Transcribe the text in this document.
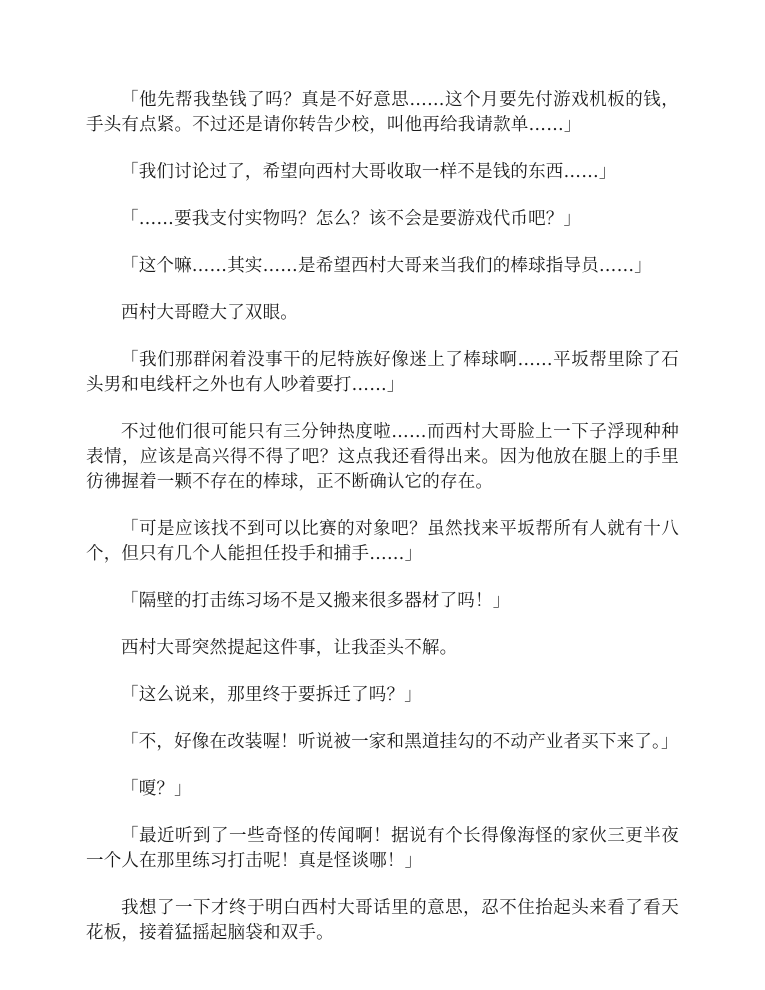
「他先帮我垫钱了吗？真是不好意思……这个月要先付游戏机板的钱，手头有点紧。不过还是请你转告少校，叫他再给我请款单……」

「我们讨论过了，希望向西村大哥收取一样不是钱的东西……」

「……要我支付实物吗？怎么？该不会是要游戏代币吧？」

「这个嘛……其实……是希望西村大哥来当我们的棒球指导员……」

西村大哥瞪大了双眼。

「我们那群闲着没事干的尼特族好像迷上了棒球啊……平坂帮里除了石头男和电线杆之外也有人吵着要打……」

不过他们很可能只有三分钟热度啦……而西村大哥脸上一下子浮现种种表情，应该是高兴得不得了吧？这点我还看得出来。因为他放在腿上的手里彷彿握着一颗不存在的棒球，正不断确认它的存在。

「可是应该找不到可以比赛的对象吧？虽然找来平坂帮所有人就有十八个，但只有几个人能担任投手和捕手……」

「隔壁的打击练习场不是又搬来很多器材了吗！」

西村大哥突然提起这件事，让我歪头不解。

「这么说来，那里终于要拆迁了吗？」

「不，好像在改装喔！听说被一家和黑道挂勾的不动产业者买下来了。」

「嗄？」

「最近听到了一些奇怪的传闻啊！据说有个长得像海怪的家伙三更半夜一个人在那里练习打击呢！真是怪谈哪！」

我想了一下才终于明白西村大哥话里的意思，忍不住抬起头来看了看天花板，接着猛摇起脑袋和双手。
